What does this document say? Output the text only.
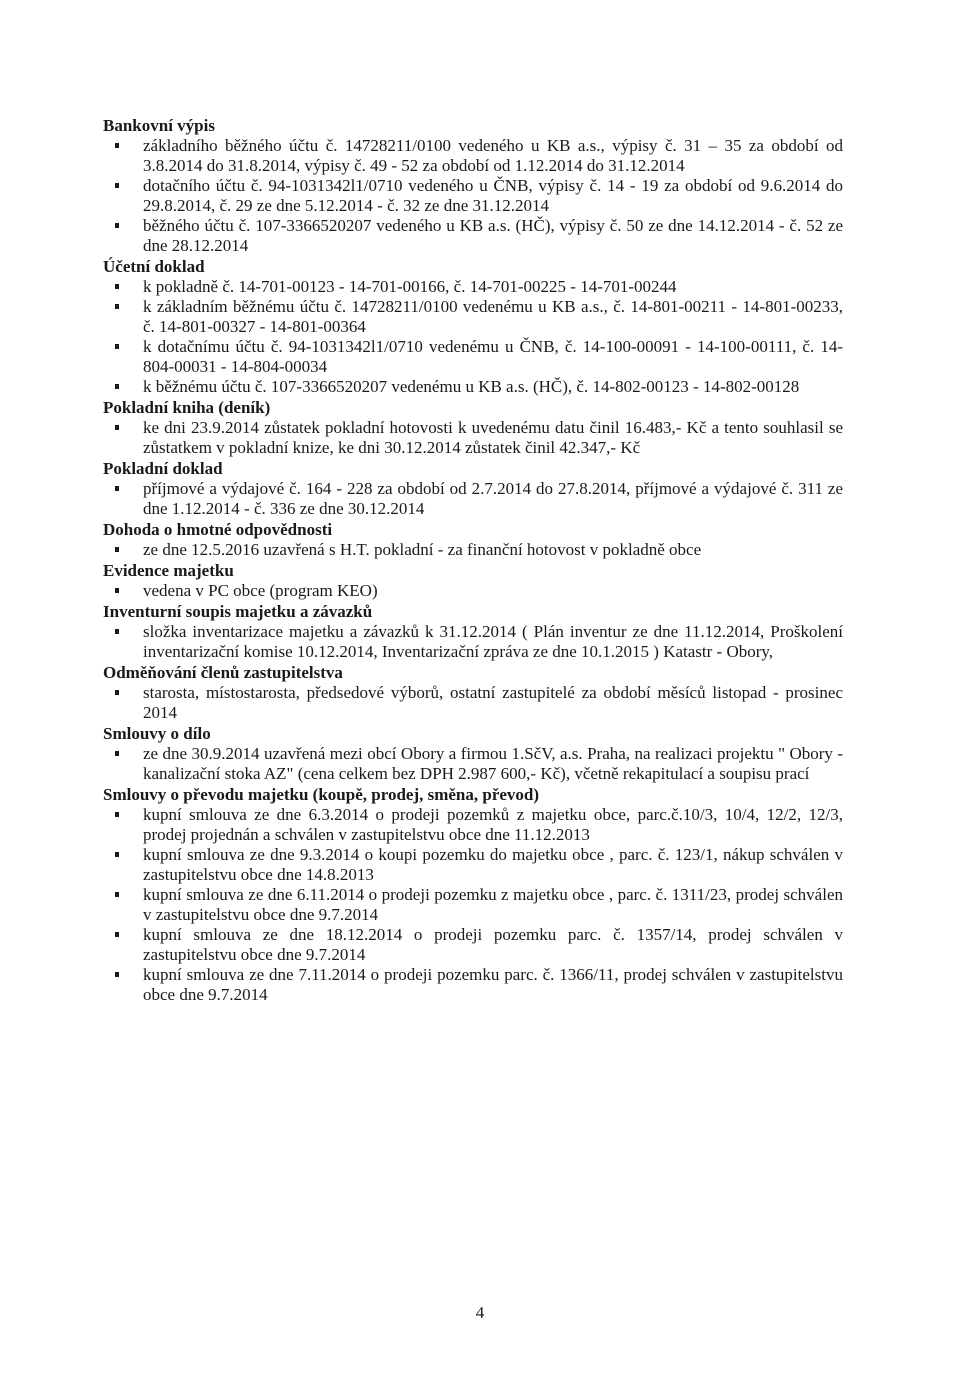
Bankovní výpis
základního běžného účtu č. 14728211/0100 vedeného u KB a.s., výpisy č. 31 – 35 za období od 3.8.2014 do 31.8.2014, výpisy č. 49 - 52 za období od 1.12.2014 do 31.12.2014
dotačního účtu č. 94-1031342l1/0710 vedeného u ČNB, výpisy č. 14 - 19 za období od 9.6.2014 do 29.8.2014, č. 29 ze dne 5.12.2014 - č. 32 ze dne 31.12.2014
běžného účtu č. 107-3366520207 vedeného u KB a.s. (HČ), výpisy č. 50 ze dne 14.12.2014 - č. 52 ze dne 28.12.2014
Účetní doklad
k pokladně č. 14-701-00123 - 14-701-00166, č. 14-701-00225 - 14-701-00244
k základním běžnému účtu č. 14728211/0100 vedenému u KB a.s., č. 14-801-00211 - 14-801-00233, č. 14-801-00327 - 14-801-00364
k dotačnímu účtu č. 94-1031342l1/0710 vedenému u ČNB, č. 14-100-00091 - 14-100-00111, č. 14-804-00031 - 14-804-00034
k běžnému účtu č. 107-3366520207 vedenému u KB a.s. (HČ), č. 14-802-00123 - 14-802-00128
Pokladní kniha (deník)
ke dni 23.9.2014 zůstatek pokladní hotovosti k uvedenému datu činil 16.483,- Kč a tento souhlasil se zůstatkem v pokladní knize, ke dni 30.12.2014 zůstatek činil 42.347,- Kč
Pokladní doklad
příjmové a výdajové č. 164 - 228 za období od 2.7.2014 do 27.8.2014, příjmové a výdajové č. 311 ze dne 1.12.2014 - č. 336 ze dne 30.12.2014
Dohoda o hmotné odpovědnosti
ze dne 12.5.2016 uzavřená s H.T. pokladní - za finanční hotovost v pokladně obce
Evidence majetku
vedena v PC obce (program KEO)
Inventurní soupis majetku a závazků
složka inventarizace majetku a závazků k 31.12.2014 ( Plán inventur ze dne 11.12.2014, Proškolení inventarizační komise 10.12.2014, Inventarizační zpráva ze dne 10.1.2015 ) Katastr - Obory,
Odměňování členů zastupitelstva
starosta, místostarosta, předsedové výborů, ostatní zastupitelé za období měsíců listopad - prosinec 2014
Smlouvy o dílo
ze dne 30.9.2014 uzavřená mezi obcí Obory a firmou 1.SčV, a.s. Praha, na realizaci projektu " Obory - kanalizační stoka AZ" (cena celkem bez DPH 2.987 600,- Kč), včetně rekapitulací a soupisu prací
Smlouvy o převodu majetku (koupě, prodej, směna, převod)
kupní smlouva ze dne 6.3.2014 o prodeji pozemků z majetku obce, parc.č.10/3, 10/4, 12/2, 12/3, prodej projednán a schválen v zastupitelstvu obce dne 11.12.2013
kupní smlouva ze dne 9.3.2014 o koupi pozemku do majetku obce , parc. č. 123/1, nákup schválen v zastupitelstvu obce dne 14.8.2013
kupní smlouva ze dne 6.11.2014 o prodeji pozemku z majetku obce , parc. č. 1311/23, prodej schválen v zastupitelstvu obce dne 9.7.2014
kupní smlouva ze dne 18.12.2014 o prodeji pozemku parc. č. 1357/14, prodej schválen v zastupitelstvu obce dne 9.7.2014
kupní smlouva ze dne 7.11.2014 o prodeji pozemku parc. č. 1366/11, prodej schválen v zastupitelstvu obce dne 9.7.2014
4
